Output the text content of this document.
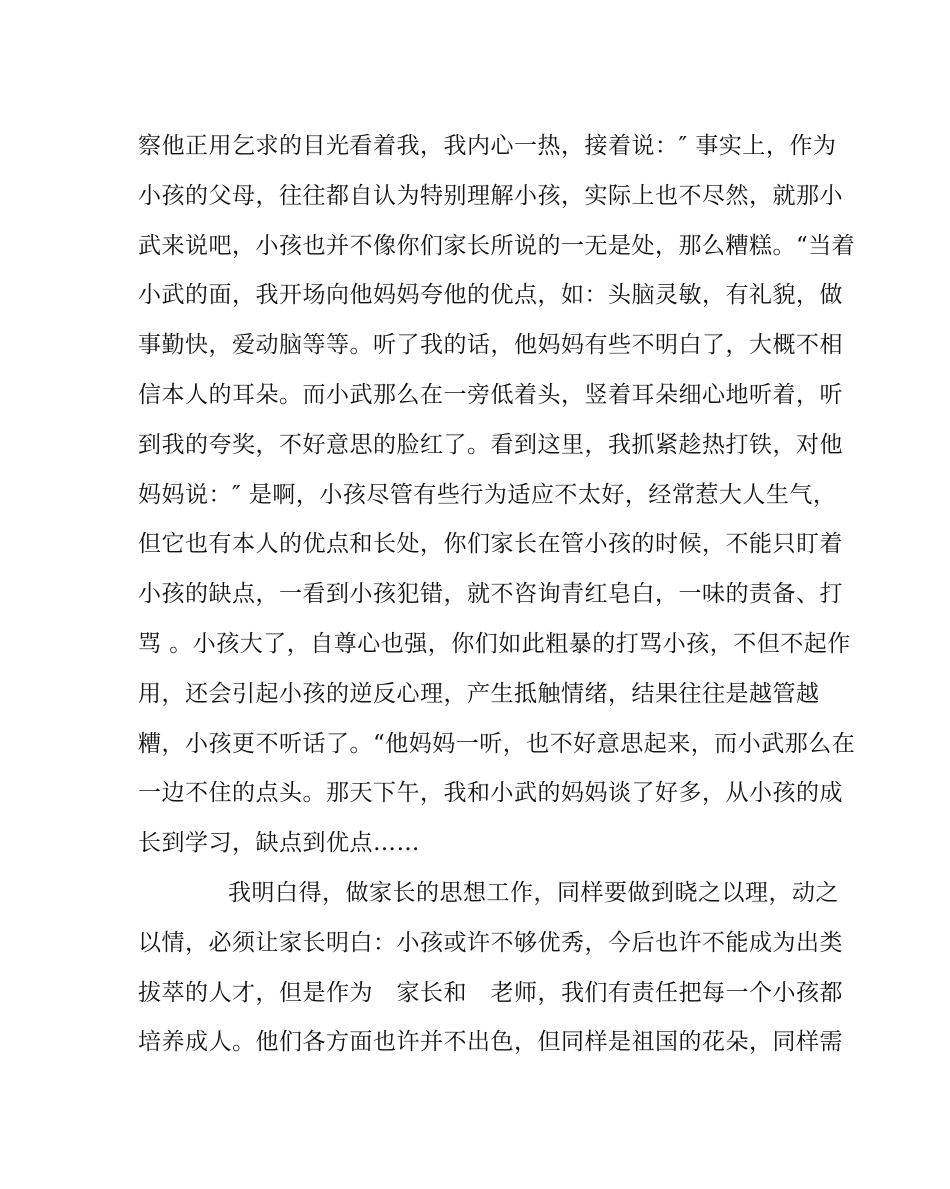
察他正用乞求的目光看着我，我内心一热，接着说：″ 事实上，作为

小孩的父母，往往都自认为特别理解小孩，实际上也不尽然，就那小

武来说吧，小孩也并不像你们家长所说的一无是处，那么糟糕。“当着

小武的面，我开场向他妈妈夸他的优点，如：头脑灵敏，有礼貌，做

事勤快，爱动脑等等。听了我的话，他妈妈有些不明白了，大概不相

信本人的耳朵。而小武那么在一旁低着头，竖着耳朵细心地听着，听

到我的夸奖，不好意思的脸红了。看到这里，我抓紧趁热打铁，对他

妈妈说：″ 是啊，小孩尽管有些行为适应不太好，经常惹大人生气，

但它也有本人的优点和长处，你们家长在管小孩的时候，不能只盯着

小孩的缺点，一看到小孩犯错，就不咨询青红皂白，一味的责备、打

骂 。小孩大了，自尊心也强，你们如此粗暴的打骂小孩，不但不起作

用，还会引起小孩的逆反心理，产生抵触情绪，结果往往是越管越

糟，小孩更不听话了。“他妈妈一听，也不好意思起来，而小武那么在

一边不住的点头。那天下午，我和小武的妈妈谈了好多，从小孩的成

长到学习，缺点到优点……

我明白得，做家长的思想工作，同样要做到晓之以理，动之

以情，必须让家长明白：小孩或许不够优秀，今后也许不能成为出类

拔萃的人才，但是作为　家长和　老师，我们有责任把每一个小孩都

培养成人。他们各方面也许并不出色，但同样是祖国的花朵，同样需
